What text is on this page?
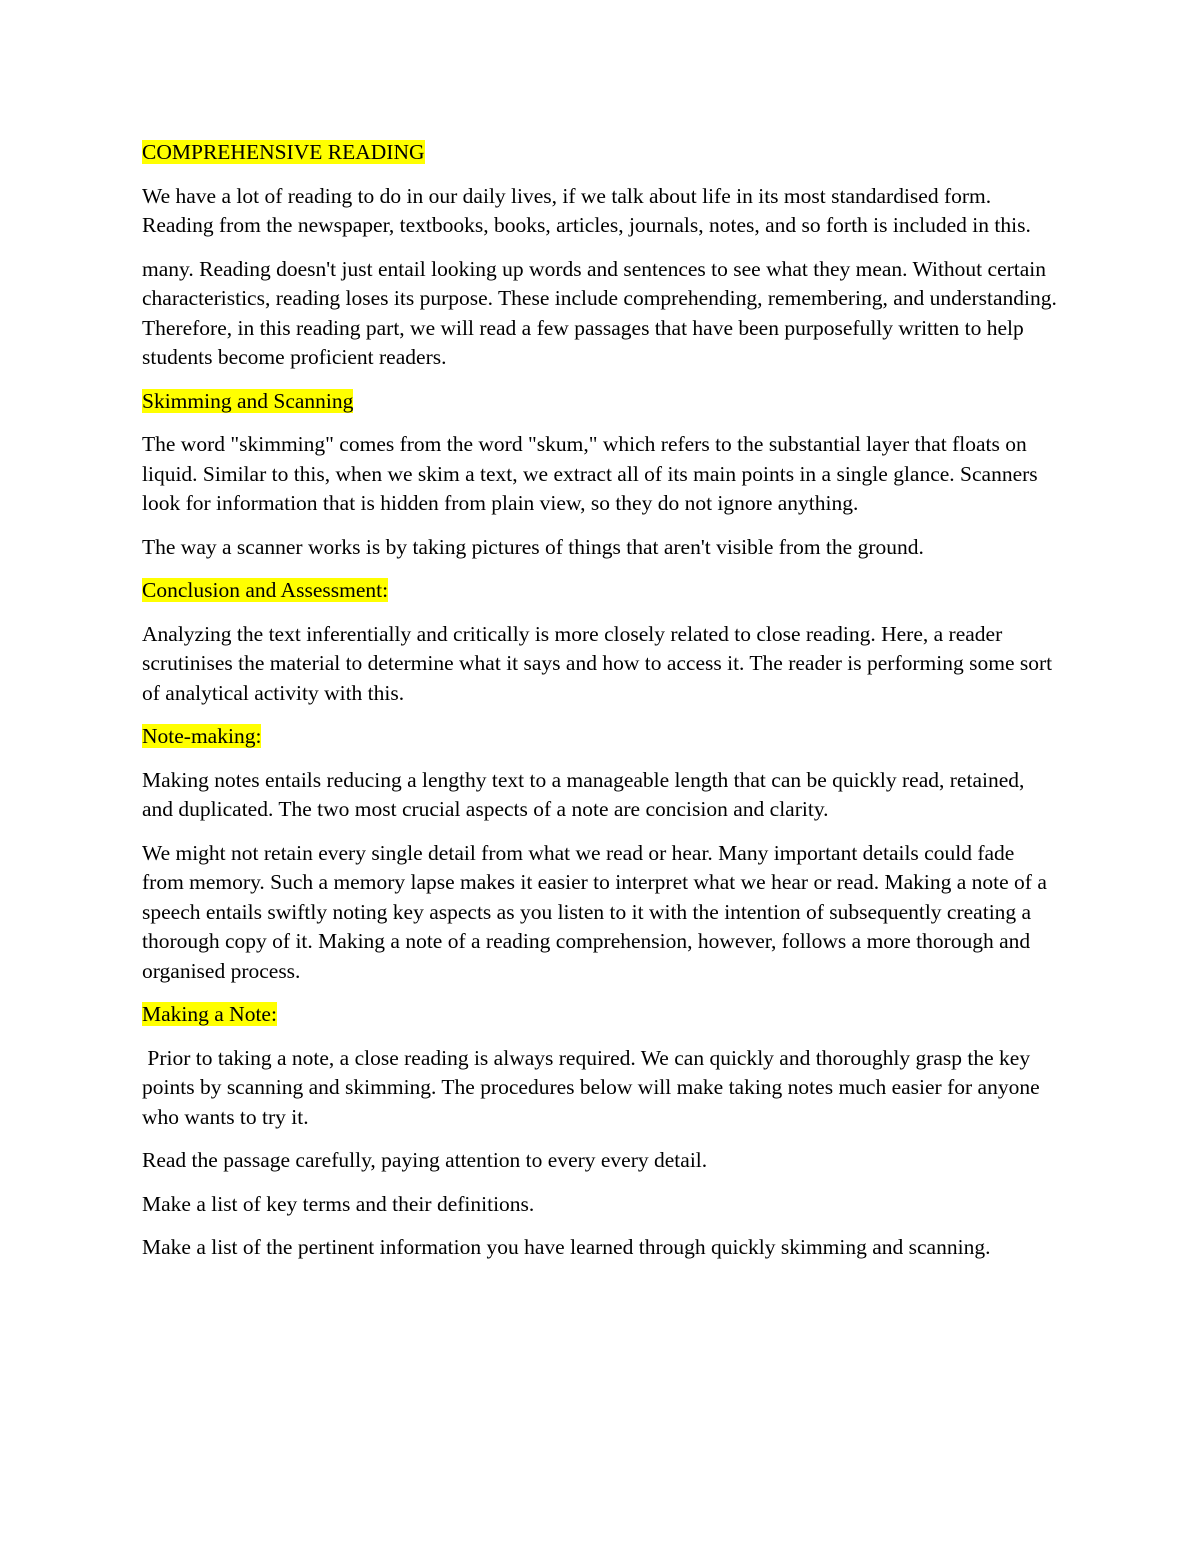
COMPREHENSIVE READING

We have a lot of reading to do in our daily lives, if we talk about life in its most standardised form. Reading from the newspaper, textbooks, books, articles, journals, notes, and so forth is included in this.

many. Reading doesn't just entail looking up words and sentences to see what they mean. Without certain characteristics, reading loses its purpose. These include comprehending, remembering, and understanding. Therefore, in this reading part, we will read a few passages that have been purposefully written to help students become proficient readers.

Skimming and Scanning

The word "skimming" comes from the word "skum," which refers to the substantial layer that floats on liquid. Similar to this, when we skim a text, we extract all of its main points in a single glance. Scanners look for information that is hidden from plain view, so they do not ignore anything.

The way a scanner works is by taking pictures of things that aren't visible from the ground.

Conclusion and Assessment:

Analyzing the text inferentially and critically is more closely related to close reading. Here, a reader scrutinises the material to determine what it says and how to access it. The reader is performing some sort of analytical activity with this.

Note-making:

Making notes entails reducing a lengthy text to a manageable length that can be quickly read, retained, and duplicated. The two most crucial aspects of a note are concision and clarity.

We might not retain every single detail from what we read or hear. Many important details could fade from memory. Such a memory lapse makes it easier to interpret what we hear or read. Making a note of a speech entails swiftly noting key aspects as you listen to it with the intention of subsequently creating a thorough copy of it. Making a note of a reading comprehension, however, follows a more thorough and organised process.

Making a Note:

Prior to taking a note, a close reading is always required. We can quickly and thoroughly grasp the key points by scanning and skimming. The procedures below will make taking notes much easier for anyone who wants to try it.

Read the passage carefully, paying attention to every every detail.

Make a list of key terms and their definitions.

Make a list of the pertinent information you have learned through quickly skimming and scanning.
